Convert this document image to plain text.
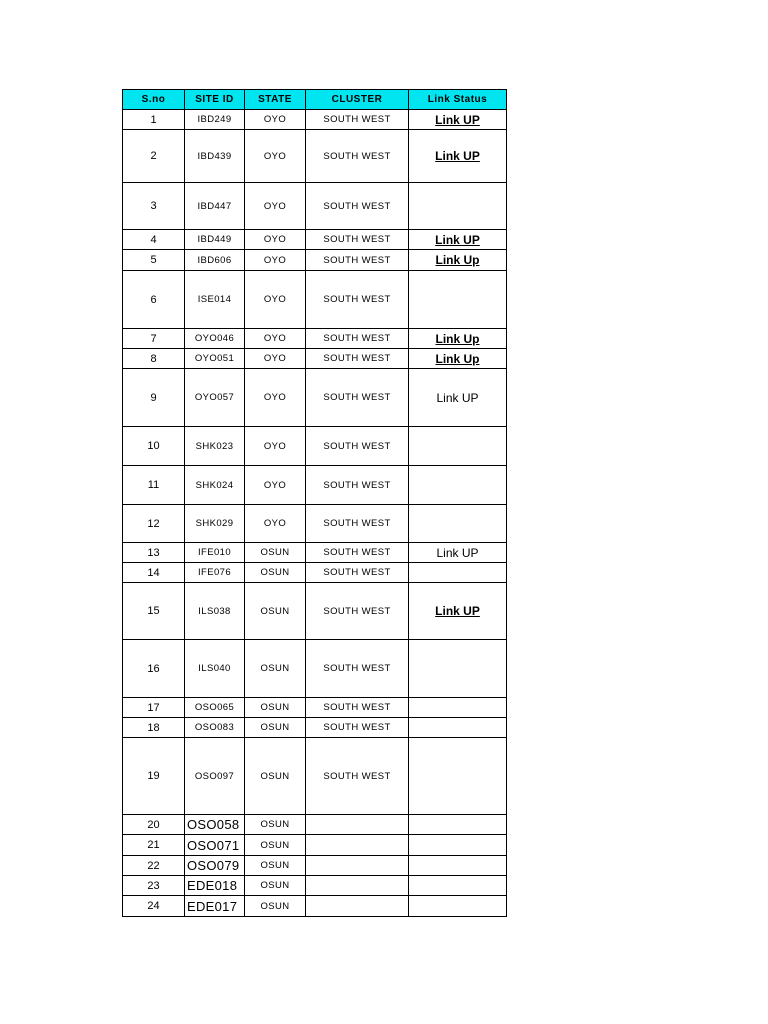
S.no	SITE ID	STATE	CLUSTER	Link Status
1	IBD249	OYO	SOUTH WEST	Link UP
2	IBD439	OYO	SOUTH WEST	Link UP
3	IBD447	OYO	SOUTH WEST	
4	IBD449	OYO	SOUTH WEST	Link UP
5	IBD606	OYO	SOUTH WEST	Link Up
6	ISE014	OYO	SOUTH WEST	
7	OYO046	OYO	SOUTH WEST	Link Up
8	OYO051	OYO	SOUTH WEST	Link Up
9	OYO057	OYO	SOUTH WEST	Link UP
10	SHK023	OYO	SOUTH WEST	
11	SHK024	OYO	SOUTH WEST	
12	SHK029	OYO	SOUTH WEST	
13	IFE010	OSUN	SOUTH WEST	Link UP
14	IFE076	OSUN	SOUTH WEST	
15	ILS038	OSUN	SOUTH WEST	Link UP
16	ILS040	OSUN	SOUTH WEST	
17	OSO065	OSUN	SOUTH WEST	
18	OSO083	OSUN	SOUTH WEST	
19	OSO097	OSUN	SOUTH WEST	
20	OSO058	OSUN		
21	OSO071	OSUN		
22	OSO079	OSUN		
23	EDE018	OSUN		
24	EDE017	OSUN		
